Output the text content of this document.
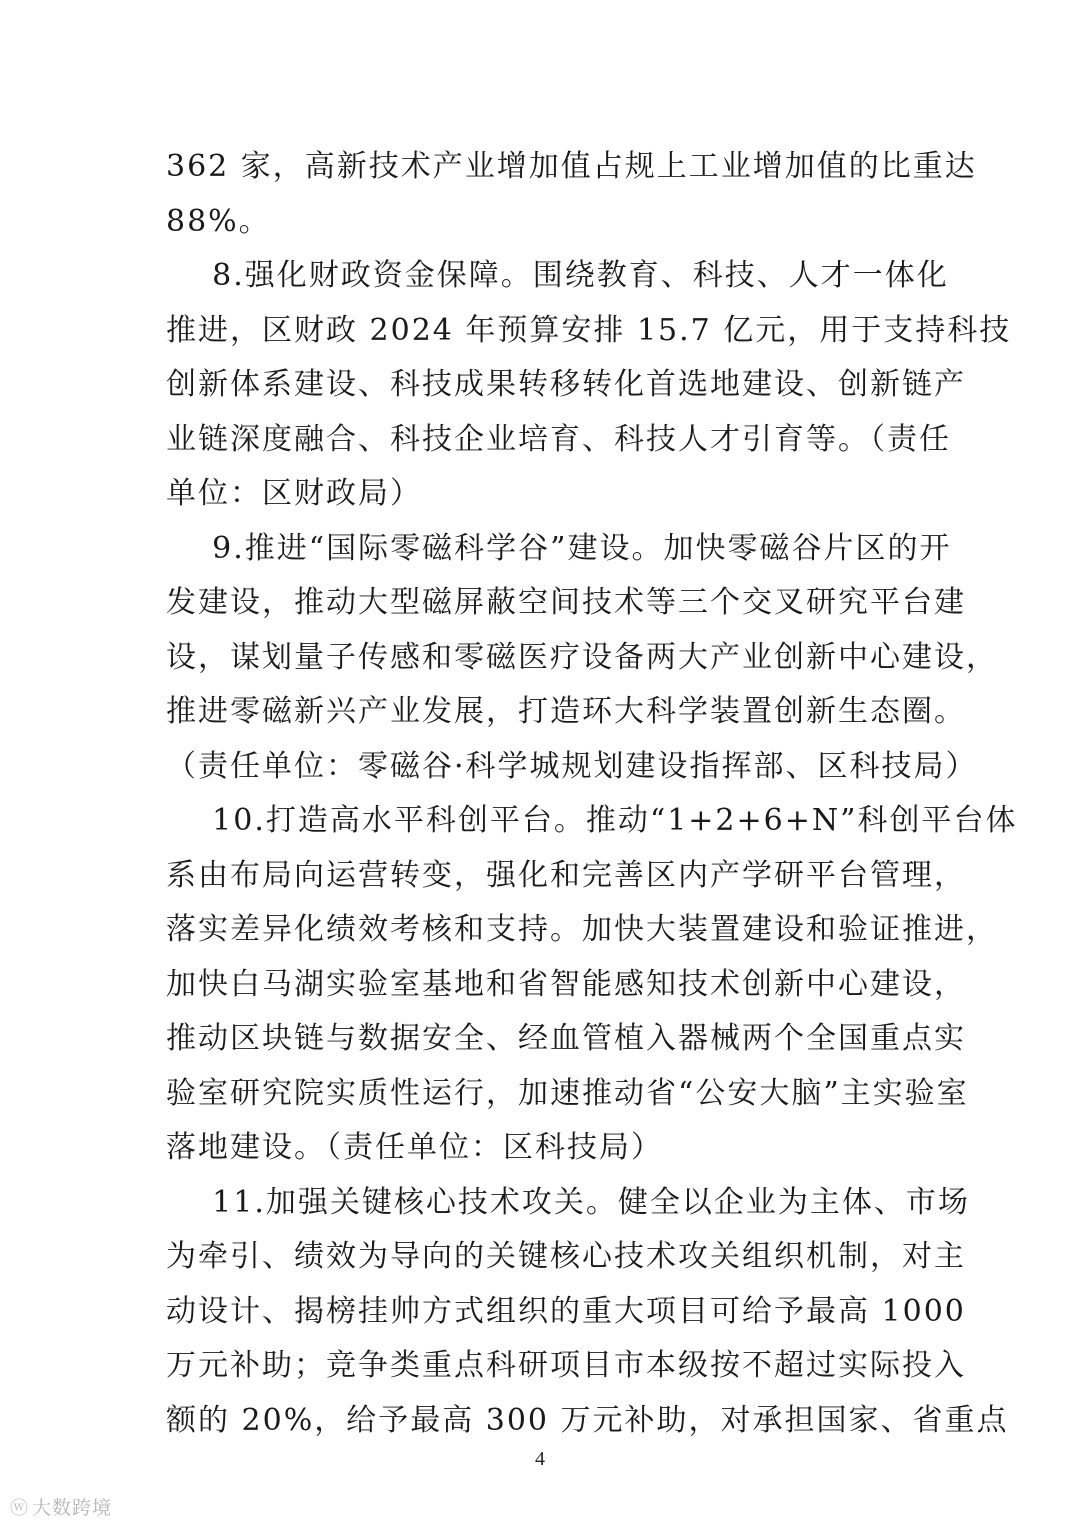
362 家，高新技术产业增加值占规上工业增加值的比重达
88%。
8.强化财政资金保障。围绕教育、科技、人才一体化
推进，区财政 2024 年预算安排 15.7 亿元，用于支持科技
创新体系建设、科技成果转移转化首选地建设、创新链产
业链深度融合、科技企业培育、科技人才引育等。（责任
单位：区财政局）
9.推进“国际零磁科学谷”建设。加快零磁谷片区的开
发建设，推动大型磁屏蔽空间技术等三个交叉研究平台建
设，谋划量子传感和零磁医疗设备两大产业创新中心建设，
推进零磁新兴产业发展，打造环大科学装置创新生态圈。
（责任单位：零磁谷·科学城规划建设指挥部、区科技局）
10.打造高水平科创平台。推动“1+2+6+N”科创平台体
系由布局向运营转变，强化和完善区内产学研平台管理，
落实差异化绩效考核和支持。加快大装置建设和验证推进，
加快白马湖实验室基地和省智能感知技术创新中心建设，
推动区块链与数据安全、经血管植入器械两个全国重点实
验室研究院实质性运行，加速推动省“公安大脑”主实验室
落地建设。（责任单位：区科技局）
11.加强关键核心技术攻关。健全以企业为主体、市场
为牵引、绩效为导向的关键核心技术攻关组织机制，对主
动设计、揭榜挂帅方式组织的重大项目可给予最高 1000
万元补助；竞争类重点科研项目市本级按不超过实际投入
额的 20%，给予最高 300 万元补助，对承担国家、省重点
4
ⓦ 大数跨境
